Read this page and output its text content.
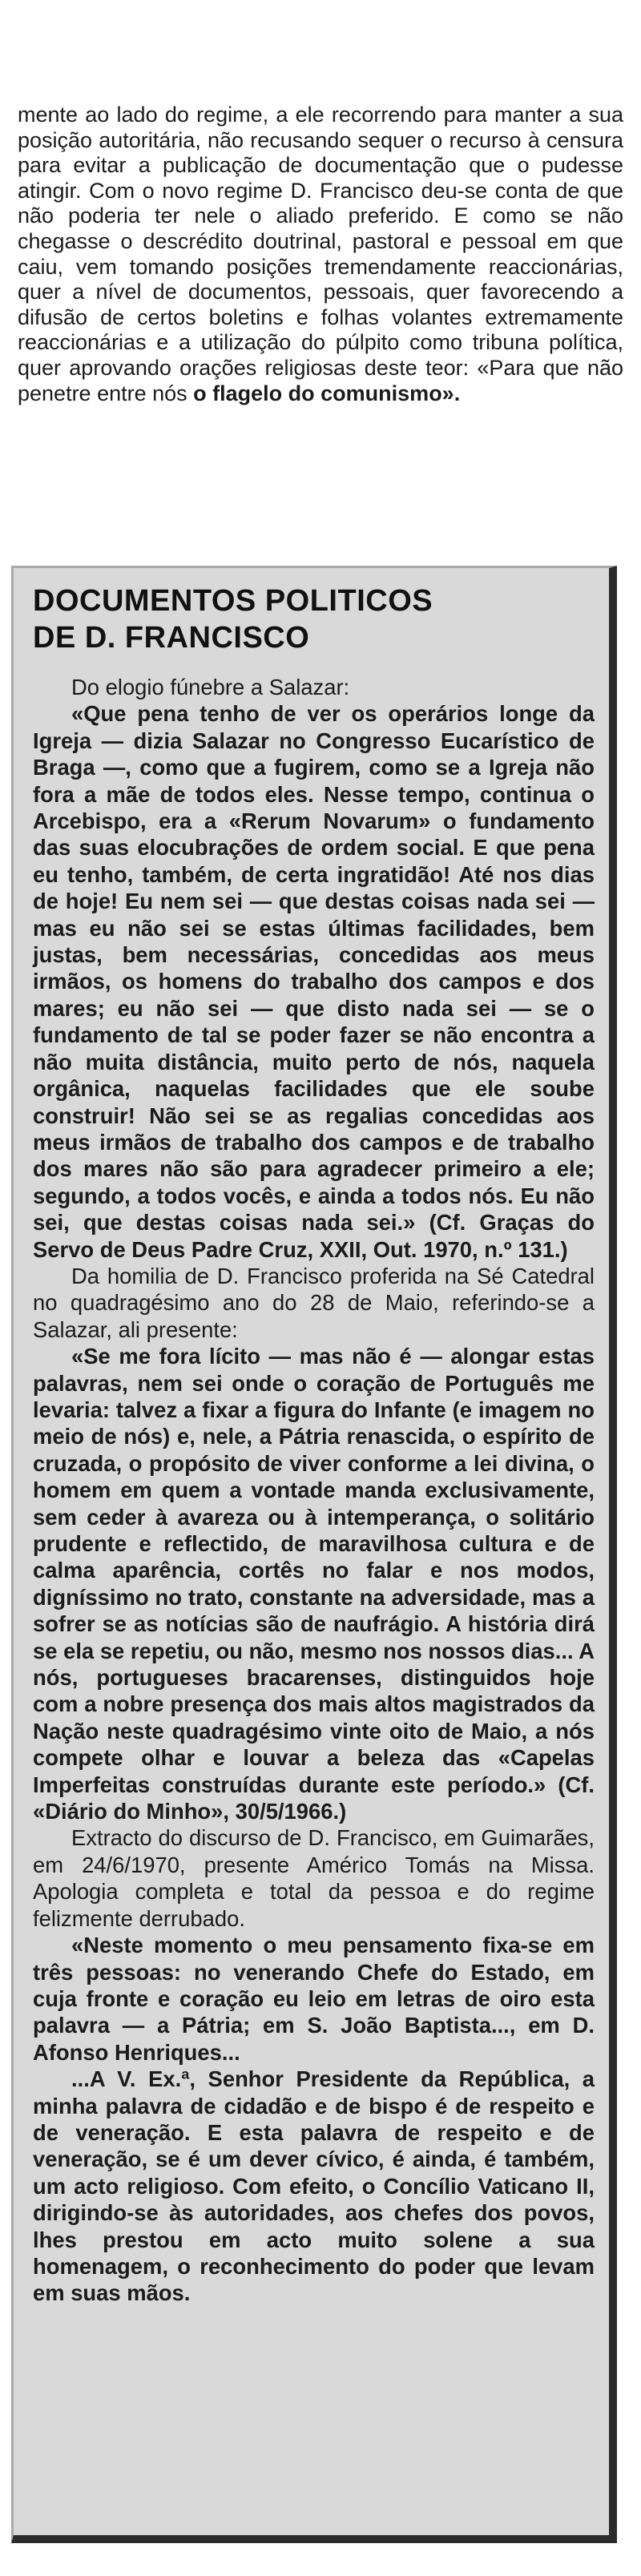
mente ao lado do regime, a ele recorrendo para manter a sua posição autoritária, não recusando sequer o recurso à censura para evitar a publicação de documentação que o pudesse atingir. Com o novo regime D. Francisco deu-se conta de que não poderia ter nele o aliado preferido. E como se não chegasse o descrédito doutrinal, pastoral e pessoal em que caiu, vem tomando posições tremendamente reaccionárias, quer a nível de documentos, pessoais, quer favorecendo a difusão de certos boletins e folhas volantes extremamente reaccionárias e a utilização do púlpito como tribuna política, quer aprovando orações religiosas deste teor: «Para que não penetre entre nós o flagelo do comunismo».

DOCUMENTOS POLITICOS
DE D. FRANCISCO

Do elogio fúnebre a Salazar:

«Que pena tenho de ver os operários longe da Igreja — dizia Salazar no Congresso Eucarístico de Braga —, como que a fugirem, como se a Igreja não fora a mãe de todos eles. Nesse tempo, continua o Arcebispo, era a «Rerum Novarum» o fundamento das suas elocubrações de ordem social. E que pena eu tenho, também, de certa ingratidão! Até nos dias de hoje! Eu nem sei — que destas coisas nada sei — mas eu não sei se estas últimas facilidades, bem justas, bem necessárias, concedidas aos meus irmãos, os homens do trabalho dos campos e dos mares; eu não sei — que disto nada sei — se o fundamento de tal se poder fazer se não encontra a não muita distância, muito perto de nós, naquela orgânica, naquelas facilidades que ele soube construir! Não sei se as regalias concedidas aos meus irmãos de trabalho dos campos e de trabalho dos mares não são para agradecer primeiro a ele; segundo, a todos vocês, e ainda a todos nós. Eu não sei, que destas coisas nada sei.» (Cf. Graças do Servo de Deus Padre Cruz, XXII, Out. 1970, n.º 131.)

Da homilia de D. Francisco proferida na Sé Catedral no quadragésimo ano do 28 de Maio, referindo-se a Salazar, ali presente:

«Se me fora lícito — mas não é — alongar estas palavras, nem sei onde o coração de Português me levaria: talvez a fixar a figura do Infante (e imagem no meio de nós) e, nele, a Pátria renascida, o espírito de cruzada, o propósito de viver conforme a lei divina, o homem em quem a vontade manda exclusivamente, sem ceder à avareza ou à intemperança, o solitário prudente e reflectido, de maravilhosa cultura e de calma aparência, cortês no falar e nos modos, digníssimo no trato, constante na adversidade, mas a sofrer se as notícias são de naufrágio. A história dirá se ela se repetiu, ou não, mesmo nos nossos dias... A nós, portugueses bracarenses, distinguidos hoje com a nobre presença dos mais altos magistrados da Nação neste quadragésimo vinte oito de Maio, a nós compete olhar e louvar a beleza das «Capelas Imperfeitas construídas durante este período.» (Cf. «Diário do Minho», 30/5/1966.)

Extracto do discurso de D. Francisco, em Guimarães, em 24/6/1970, presente Américo Tomás na Missa. Apologia completa e total da pessoa e do regime felizmente derrubado.

«Neste momento o meu pensamento fixa-se em três pessoas: no venerando Chefe do Estado, em cuja fronte e coração eu leio em letras de oiro esta palavra — a Pátria; em S. João Baptista..., em D. Afonso Henriques...

...A V. Ex.ª, Senhor Presidente da República, a minha palavra de cidadão e de bispo é de respeito e de veneração. E esta palavra de respeito e de veneração, se é um dever cívico, é ainda, é também, um acto religioso. Com efeito, o Concílio Vaticano II, dirigindo-se às autoridades, aos chefes dos povos, lhes prestou em acto muito solene a sua homenagem, o reconhecimento do poder que levam em suas mãos.
